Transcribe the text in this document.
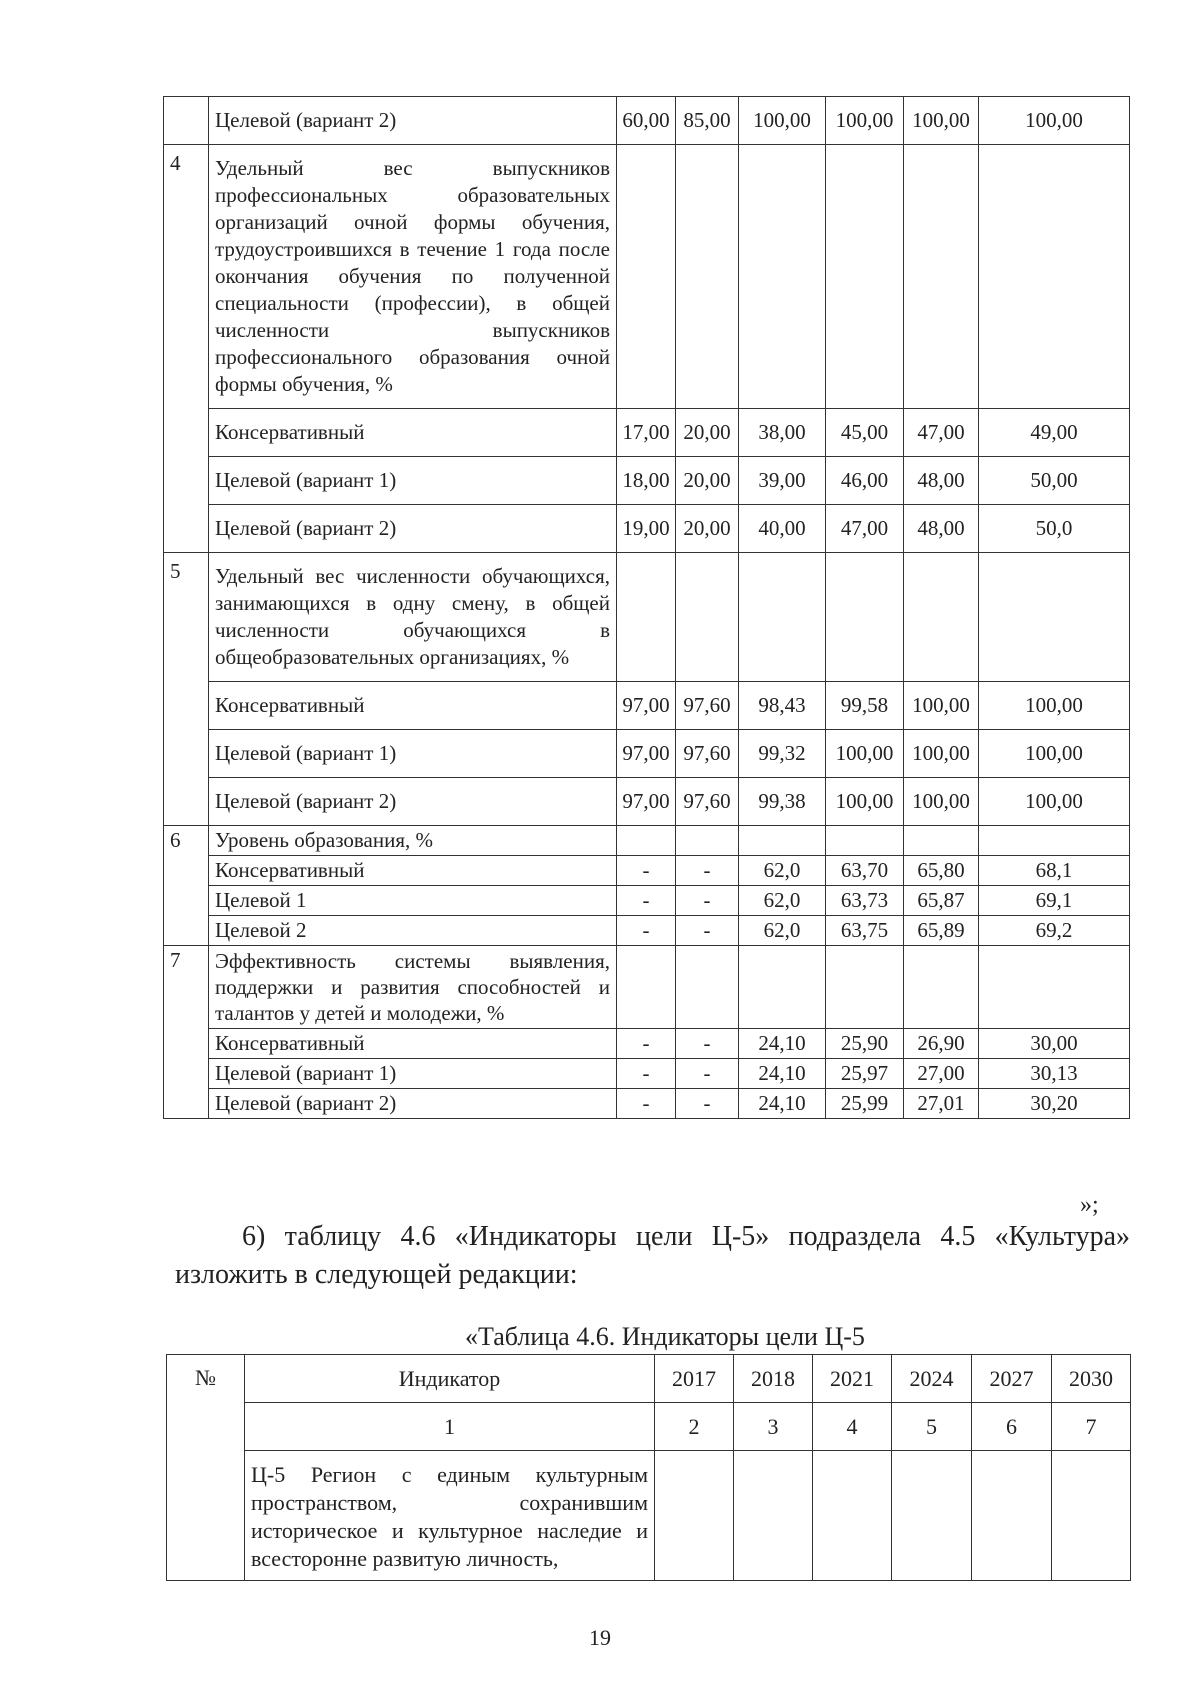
	Целевой (вариант 2)	60,00	85,00	100,00	100,00	100,00	100,00
4	Удельный вес выпускников профессиональных образовательных организаций очной формы обучения, трудоустроившихся в течение 1 года после окончания обучения по полученной специальности (профессии), в общей численности выпускников профессионального образования очной формы обучения, %						
	Консервативный	17,00	20,00	38,00	45,00	47,00	49,00
	Целевой (вариант 1)	18,00	20,00	39,00	46,00	48,00	50,00
	Целевой (вариант 2)	19,00	20,00	40,00	47,00	48,00	50,0
5	Удельный вес численности обучающихся, занимающихся в одну смену, в общей численности обучающихся в общеобразовательных организациях, %						
	Консервативный	97,00	97,60	98,43	99,58	100,00	100,00
	Целевой (вариант 1)	97,00	97,60	99,32	100,00	100,00	100,00
	Целевой (вариант 2)	97,00	97,60	99,38	100,00	100,00	100,00
6	Уровень образования, %						
	Консервативный	-	-	62,0	63,70	65,80	68,1
	Целевой 1	-	-	62,0	63,73	65,87	69,1
	Целевой 2	-	-	62,0	63,75	65,89	69,2
7	Эффективность системы выявления, поддержки и развития способностей и талантов у детей и молодежи, %						
	Консервативный	-	-	24,10	25,90	26,90	30,00
	Целевой (вариант 1)	-	-	24,10	25,97	27,00	30,13
	Целевой (вариант 2)	-	-	24,10	25,99	27,01	30,20
»;
6) таблицу 4.6 «Индикаторы цели Ц-5» подраздела 4.5 «Культура» изложить в следующей редакции:
«Таблица 4.6. Индикаторы цели Ц-5
№	Индикатор	2017	2018	2021	2024	2027	2030
	1	2	3	4	5	6	7
	Ц-5 Регион с единым культурным пространством, сохранившим историческое и культурное наследие и всесторонне развитую личность,						
19
